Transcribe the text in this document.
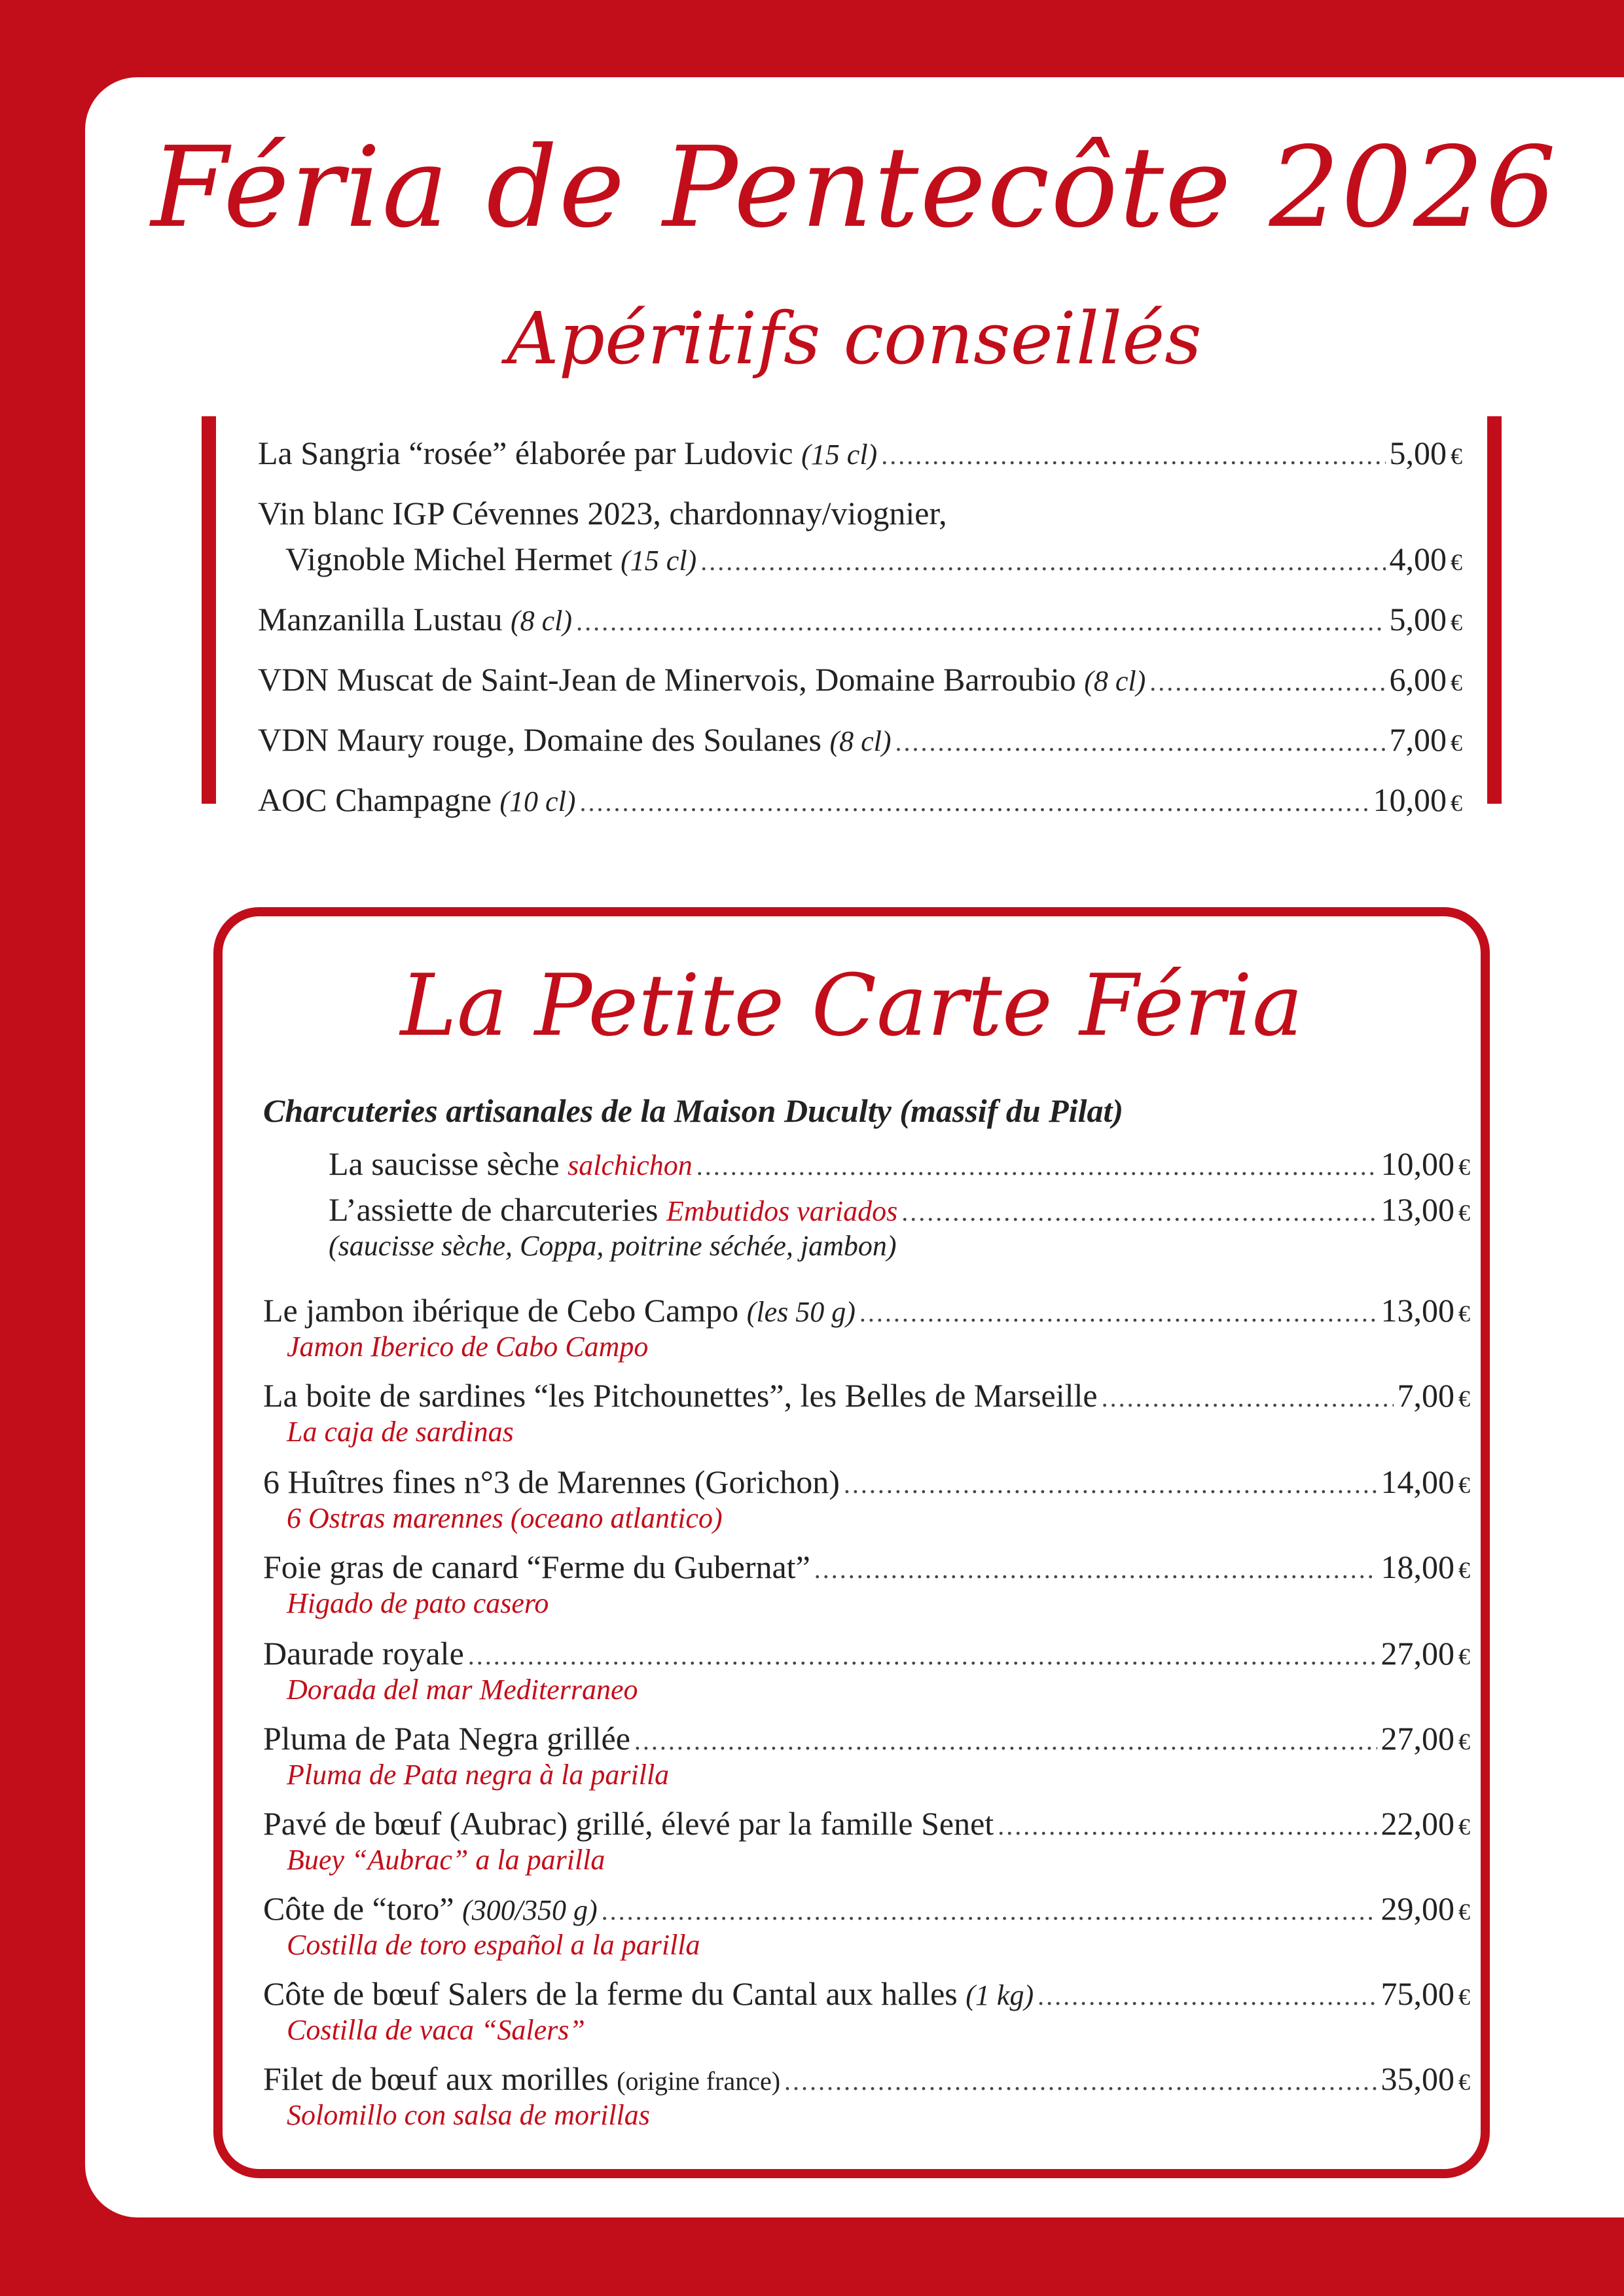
Féria de Pentecôte 2026
Apéritifs conseillés
La Sangria “rosée” élaborée par Ludovic (15 cl) .....	5,00 €
Vin blanc IGP Cévennes 2023, chardonnay/viognier,
Vignoble Michel Hermet (15 cl) .....	4,00 €
Manzanilla Lustau (8 cl) .....	5,00 €
VDN Muscat de Saint-Jean de Minervois, Domaine Barroubio (8 cl) .....	6,00 €
VDN Maury rouge, Domaine des Soulanes (8 cl) .....	7,00 €
AOC Champagne (10 cl) .....	10,00 €
La Petite Carte Féria
Charcuteries artisanales de la Maison Duculty (massif du Pilat)
La saucisse sèche salchichon .....	10,00 €
L’assiette de charcuteries Embutidos variados .....	13,00 €
(saucisse sèche, Coppa, poitrine séchée, jambon)
Le jambon ibérique de Cebo Campo (les 50 g) .....	13,00 €
Jamon Iberico de Cabo Campo
La boite de sardines “les Pitchounettes”, les Belles de Marseille .....	7,00 €
La caja de sardinas
6 Huîtres fines n°3 de Marennes (Gorichon) .....	14,00 €
6 Ostras marennes (oceano atlantico)
Foie gras de canard “Ferme du Gubernat” .....	18,00 €
Higado de pato casero
Daurade royale .....	27,00 €
Dorada del mar Mediterraneo
Pluma de Pata Negra grillée .....	27,00 €
Pluma de Pata negra à la parilla
Pavé de bœuf (Aubrac) grillé, élevé par la famille Senet .....	22,00 €
Buey “Aubrac” a la parilla
Côte de “toro” (300/350 g) .....	29,00 €
Costilla de toro español a la parilla
Côte de bœuf Salers de la ferme du Cantal aux halles (1 kg) .....	75,00 €
Costilla de vaca “Salers”
Filet de bœuf aux morilles (origine france) .....	35,00 €
Solomillo con salsa de morillas
